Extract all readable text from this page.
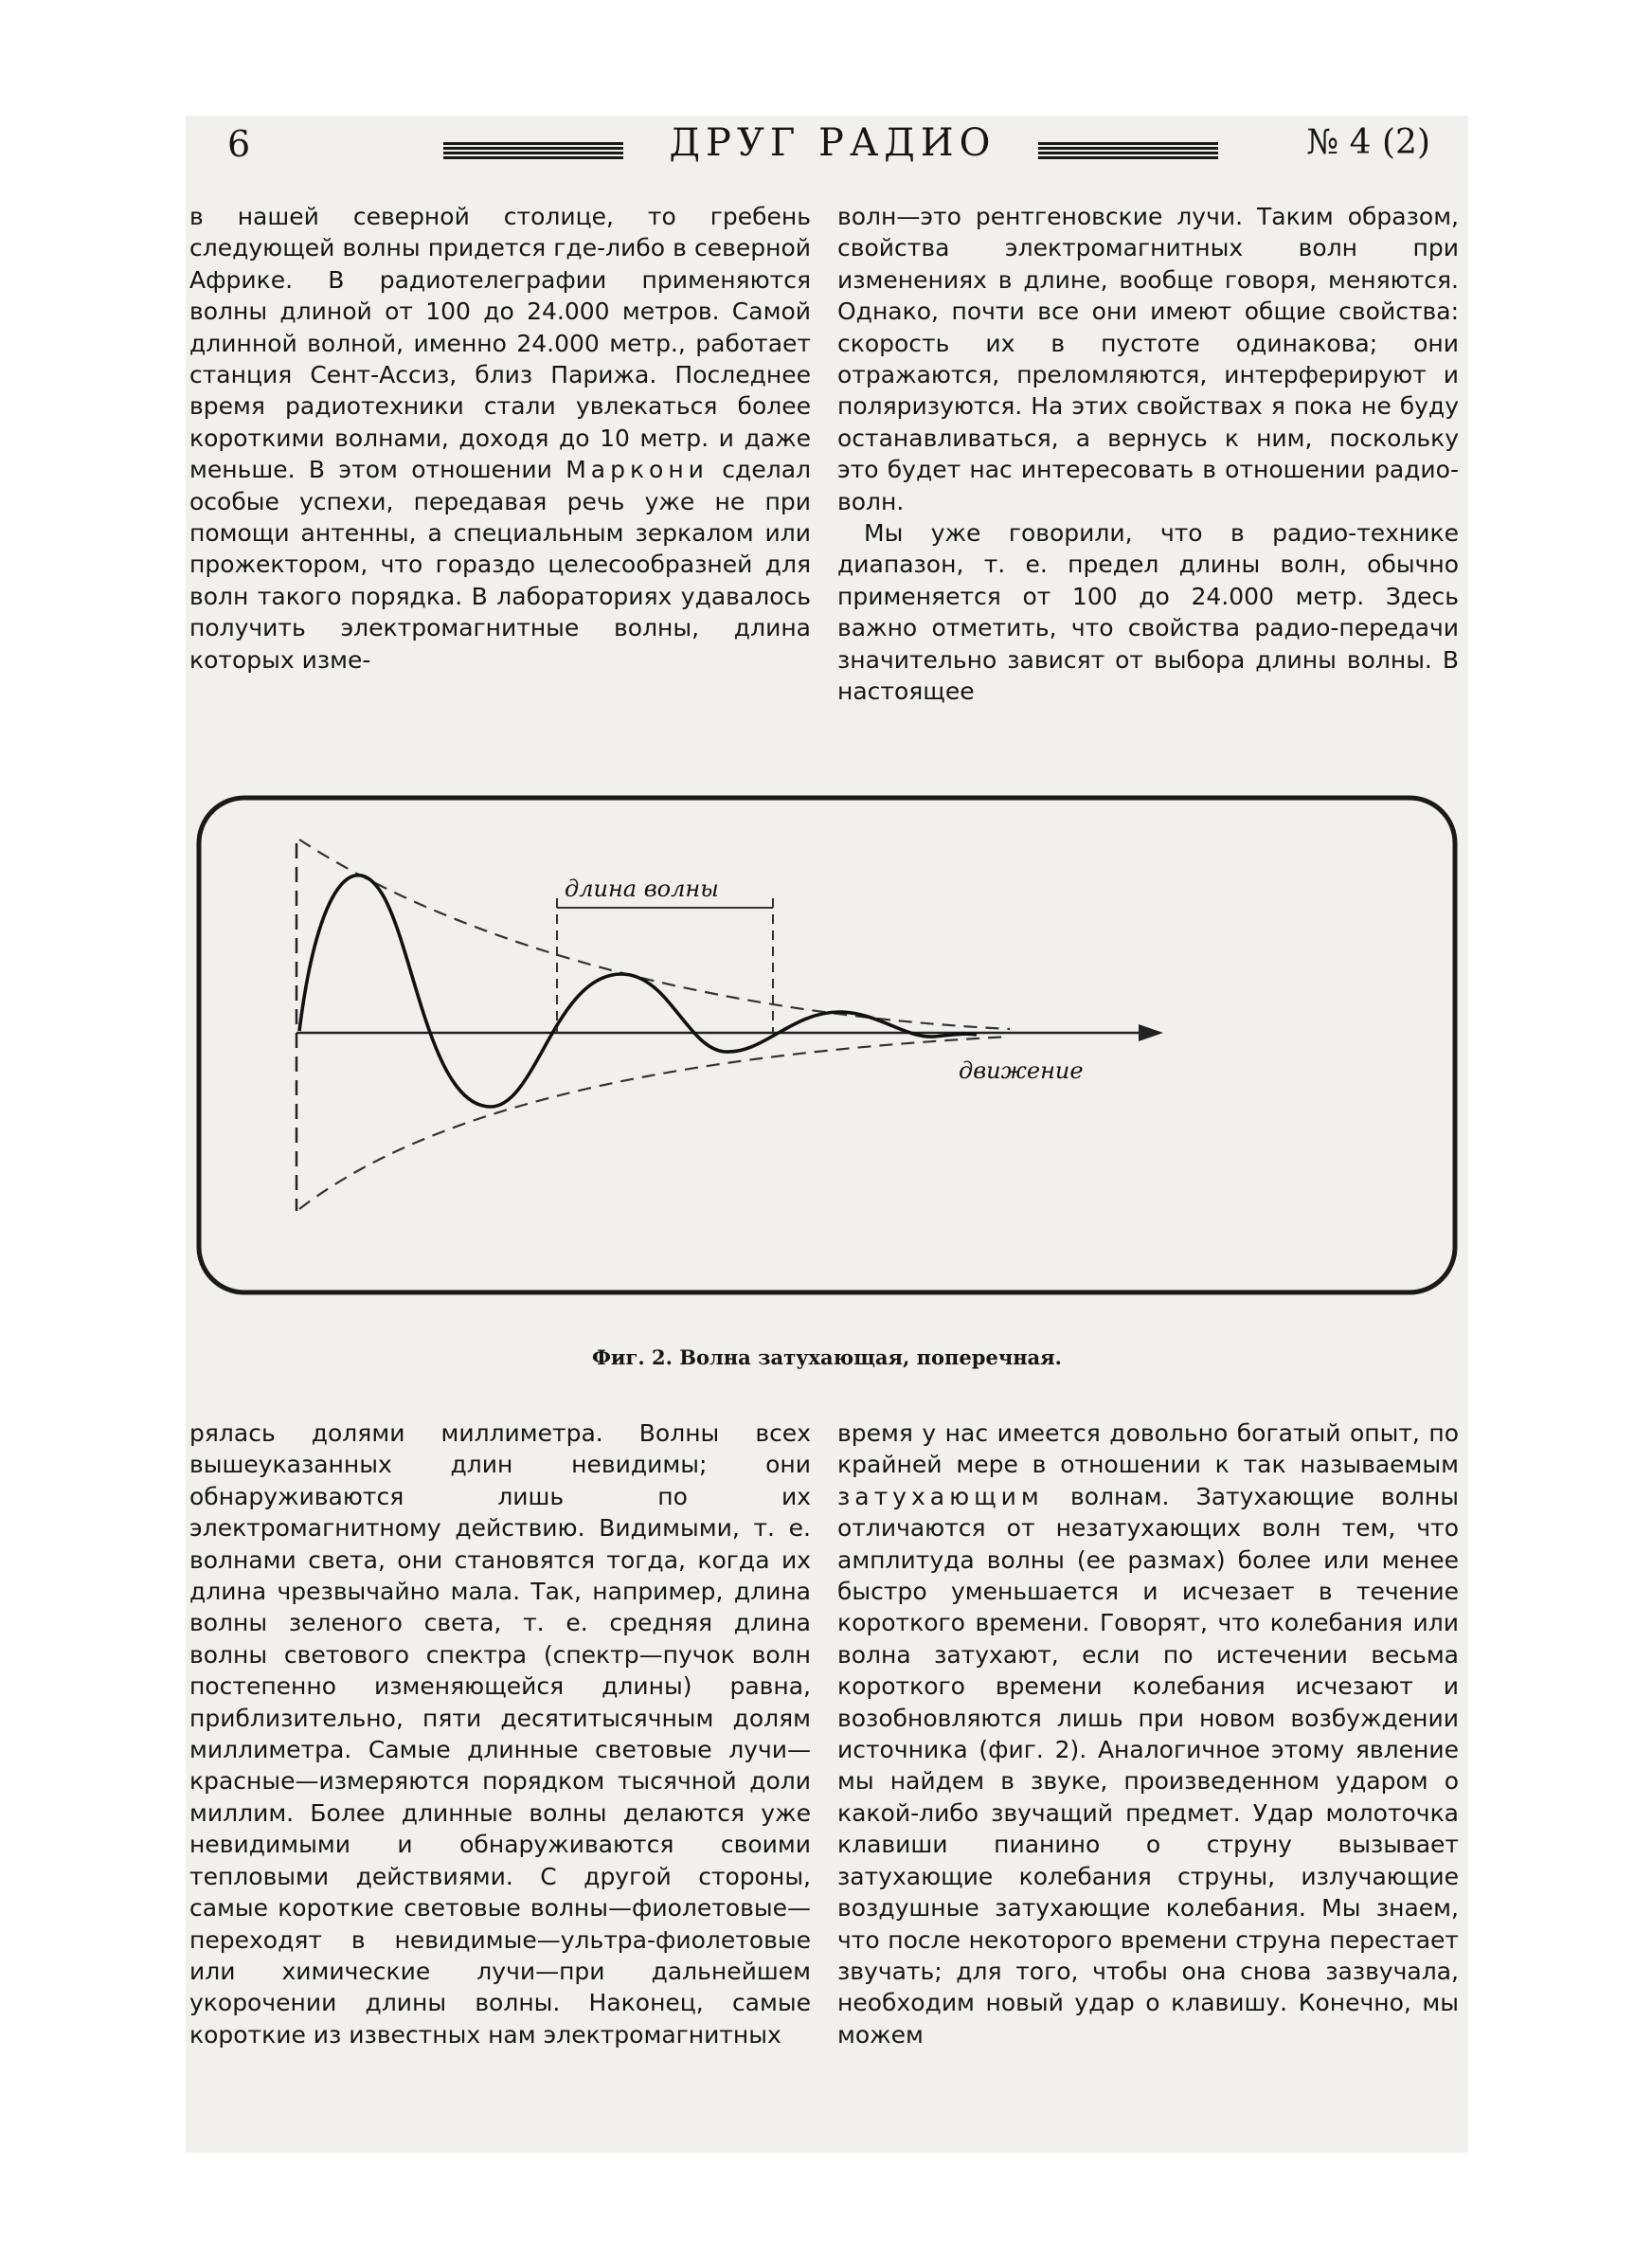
6	ДРУГ РАДИО	№ 4 (2)

в нашей северной столице, то гребень следующей волны придется где-либо в северной Африке. В радиотелеграфии применяются волны длиной от 100 до 24.000 метров. Самой длинной волной, именно 24.000 метр., работает станция Сент-Ассиз, близ Парижа. Последнее время радиотехники стали увлекаться более короткими волнами, доходя до 10 метр. и даже меньше. В этом отношении Маркони сделал особые успехи, передавая речь уже не при помощи антенны, а специальным зеркалом или прожектором, что гораздо целесообразней для волн такого порядка. В лабораториях удавалось получить электромагнитные волны, длина которых изме-

волн—это рентгеновские лучи. Таким образом, свойства электромагнитных волн при изменениях в длине, вообще говоря, меняются. Однако, почти все они имеют общие свойства: скорость их в пустоте одинакова; они отражаются, преломляются, интерферируют и поляризуются. На этих свойствах я пока не буду останавливаться, а вернусь к ним, поскольку это будет нас интересовать в отношении радио-волн.

Мы уже говорили, что в радио-технике диапазон, т. е. предел длины волн, обычно применяется от 100 до 24.000 метр. Здесь важно отметить, что свойства радио-передачи значительно зависят от выбора длины волны. В настоящее

длина волны
движение
Фиг. 2. Волна затухающая, поперечная.

рялась долями миллиметра. Волны всех вышеуказанных длин невидимы; они обнаруживаются лишь по их электромагнитному действию. Видимыми, т. е. волнами света, они становятся тогда, когда их длина чрезвычайно мала. Так, например, длина волны зеленого света, т. е. средняя длина волны светового спектра (спектр—пучок волн постепенно изменяющейся длины) равна, приблизительно, пяти десятитысячным долям миллиметра. Самые длинные световые лучи—красные—измеряются порядком тысячной доли миллим. Более длинные волны делаются уже невидимыми и обнаруживаются своими тепловыми действиями. С другой стороны, самые короткие световые волны—фиолетовые—переходят в невидимые—ультра-фиолетовые или химические лучи—при дальнейшем укорочении длины волны. Наконец, самые короткие из известных нам электромагнитных

время у нас имеется довольно богатый опыт, по крайней мере в отношении к так называемым затухающим волнам. Затухающие волны отличаются от незатухающих волн тем, что амплитуда волны (ее размах) более или менее быстро уменьшается и исчезает в течение короткого времени. Говорят, что колебания или волна затухают, если по истечении весьма короткого времени колебания исчезают и возобновляются лишь при новом возбуждении источника (фиг. 2). Аналогичное этому явление мы найдем в звуке, произведенном ударом о какой-либо звучащий предмет. Удар молоточка клавиши пианино о струну вызывает затухающие колебания струны, излучающие воздушные затухающие колебания. Мы знаем, что после некоторого времени струна перестает звучать; для того, чтобы она снова зазвучала, необходим новый удар о клавишу. Конечно, мы можем
